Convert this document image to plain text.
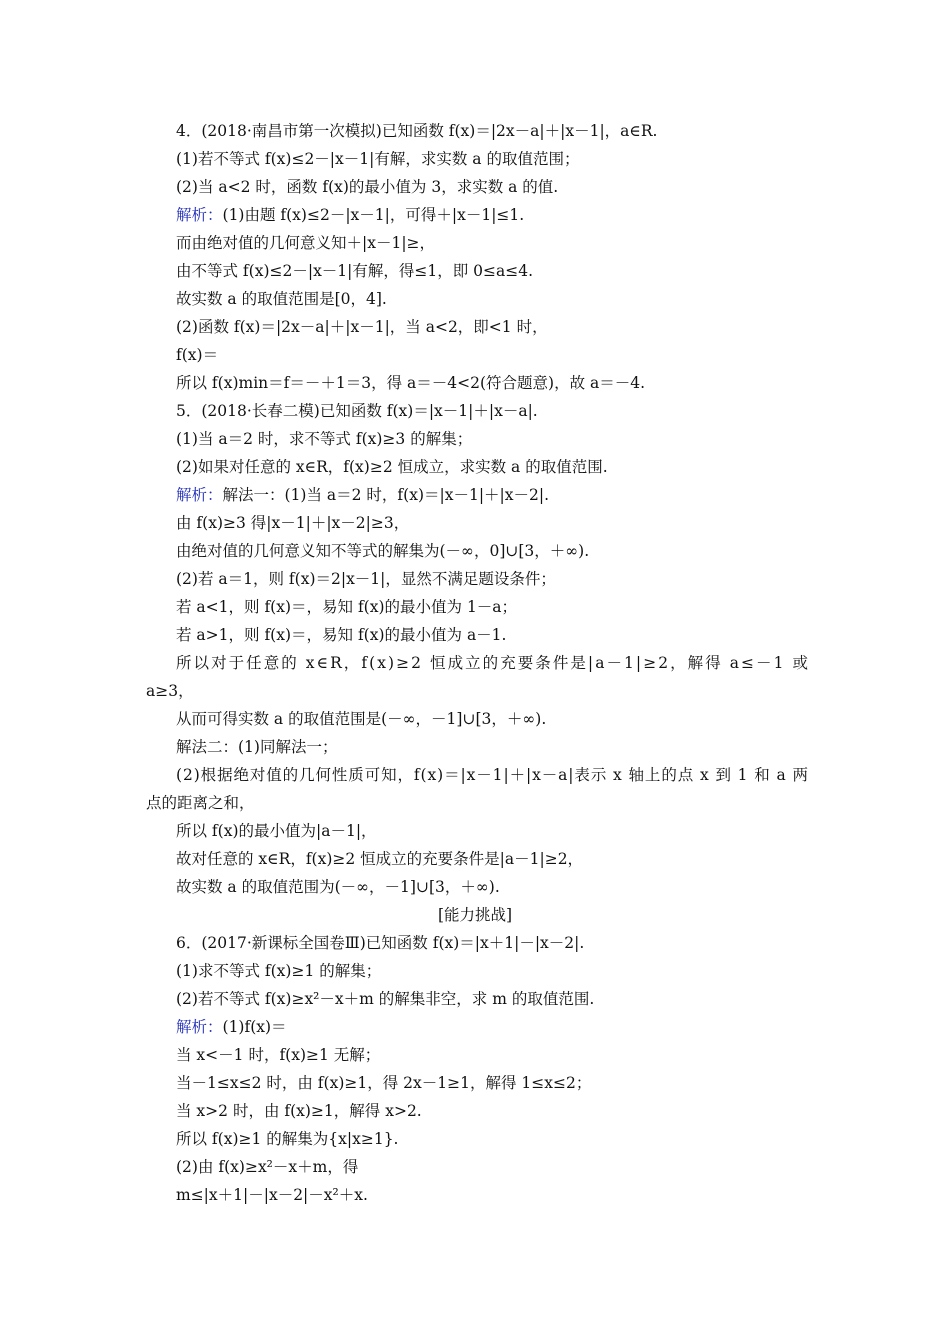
4．(2018·南昌市第一次模拟)已知函数 f(x)＝|2x－a|＋|x－1|，a∈R.
(1)若不等式 f(x)≤2－|x－1|有解，求实数 a 的取值范围；
(2)当 a<2 时，函数 f(x)的最小值为 3，求实数 a 的值.
解析：(1)由题 f(x)≤2－|x－1|，可得＋|x－1|≤1.
而由绝对值的几何意义知＋|x－1|≥，
由不等式 f(x)≤2－|x－1|有解，得≤1，即 0≤a≤4.
故实数 a 的取值范围是[0，4].
(2)函数 f(x)＝|2x－a|＋|x－1|，当 a<2，即<1 时，
f(x)＝
所以 f(x)min＝f＝－＋1＝3，得 a＝－4<2(符合题意)，故 a＝－4.
5．(2018·长春二模)已知函数 f(x)＝|x－1|＋|x－a|.
(1)当 a＝2 时，求不等式 f(x)≥3 的解集；
(2)如果对任意的 x∈R，f(x)≥2 恒成立，求实数 a 的取值范围.
解析：解法一：(1)当 a＝2 时，f(x)＝|x－1|＋|x－2|.
由 f(x)≥3 得|x－1|＋|x－2|≥3，
由绝对值的几何意义知不等式的解集为(－∞，0]∪[3，＋∞).
(2)若 a＝1，则 f(x)＝2|x－1|，显然不满足题设条件；
若 a<1，则 f(x)＝，易知 f(x)的最小值为 1－a；
若 a>1，则 f(x)＝，易知 f(x)的最小值为 a－1.
所以对于任意的 x∈R，f(x)≥2 恒成立的充要条件是|a－1|≥2，解得 a≤－1 或
a≥3，
从而可得实数 a 的取值范围是(－∞，－1]∪[3，＋∞).
解法二：(1)同解法一；
(2)根据绝对值的几何性质可知，f(x)＝|x－1|＋|x－a|表示 x 轴上的点 x 到 1 和 a 两
点的距离之和，
所以 f(x)的最小值为|a－1|，
故对任意的 x∈R，f(x)≥2 恒成立的充要条件是|a－1|≥2，
故实数 a 的取值范围为(－∞，－1]∪[3，＋∞).
[能力挑战]
6．(2017·新课标全国卷Ⅲ)已知函数 f(x)＝|x＋1|－|x－2|.
(1)求不等式 f(x)≥1 的解集；
(2)若不等式 f(x)≥x²－x＋m 的解集非空，求 m 的取值范围.
解析：(1)f(x)＝
当 x<－1 时，f(x)≥1 无解；
当－1≤x≤2 时，由 f(x)≥1，得 2x－1≥1，解得 1≤x≤2；
当 x>2 时，由 f(x)≥1，解得 x>2.
所以 f(x)≥1 的解集为{x|x≥1}.
(2)由 f(x)≥x²－x＋m，得
m≤|x＋1|－|x－2|－x²＋x.
